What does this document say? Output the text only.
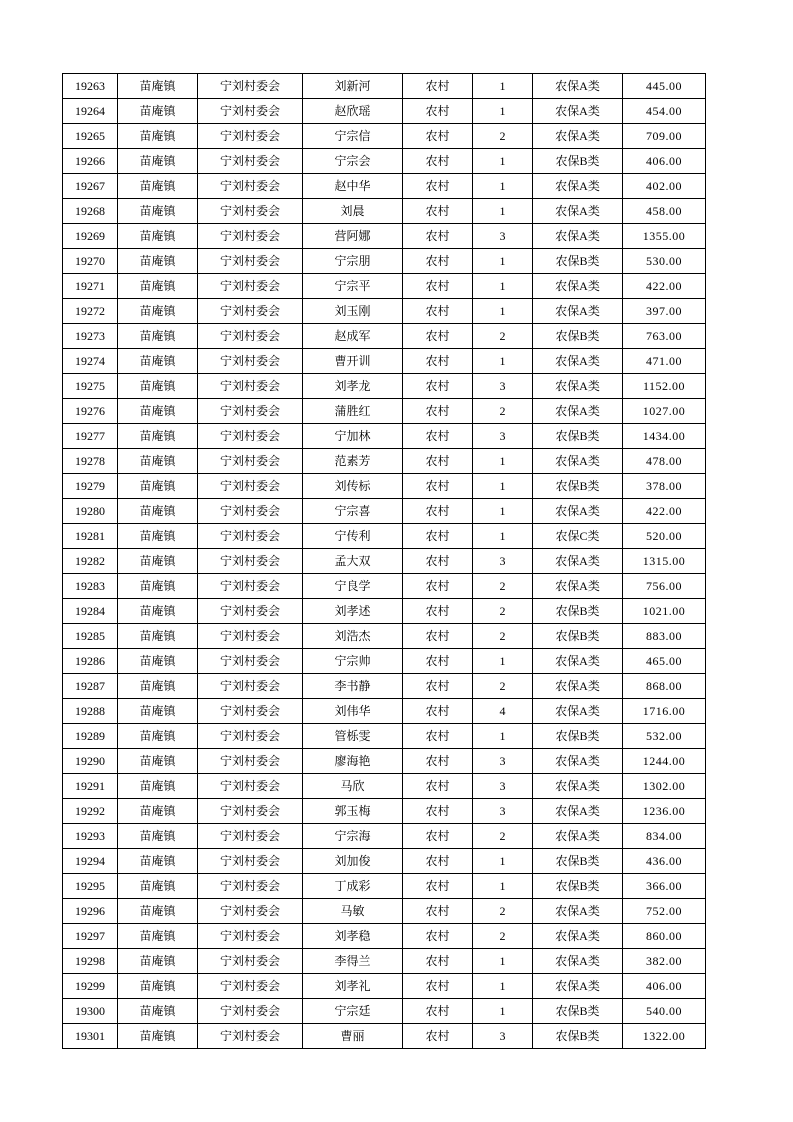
19263	苗庵镇	宁刘村委会	刘新河	农村	1	农保A类	445.00
19264	苗庵镇	宁刘村委会	赵欣瑶	农村	1	农保A类	454.00
19265	苗庵镇	宁刘村委会	宁宗信	农村	2	农保A类	709.00
19266	苗庵镇	宁刘村委会	宁宗会	农村	1	农保B类	406.00
19267	苗庵镇	宁刘村委会	赵中华	农村	1	农保A类	402.00
19268	苗庵镇	宁刘村委会	刘晨	农村	1	农保A类	458.00
19269	苗庵镇	宁刘村委会	营阿娜	农村	3	农保A类	1355.00
19270	苗庵镇	宁刘村委会	宁宗朋	农村	1	农保B类	530.00
19271	苗庵镇	宁刘村委会	宁宗平	农村	1	农保A类	422.00
19272	苗庵镇	宁刘村委会	刘玉刚	农村	1	农保A类	397.00
19273	苗庵镇	宁刘村委会	赵成军	农村	2	农保B类	763.00
19274	苗庵镇	宁刘村委会	曹开训	农村	1	农保A类	471.00
19275	苗庵镇	宁刘村委会	刘孝龙	农村	3	农保A类	1152.00
19276	苗庵镇	宁刘村委会	蒲胜红	农村	2	农保A类	1027.00
19277	苗庵镇	宁刘村委会	宁加林	农村	3	农保B类	1434.00
19278	苗庵镇	宁刘村委会	范素芳	农村	1	农保A类	478.00
19279	苗庵镇	宁刘村委会	刘传标	农村	1	农保B类	378.00
19280	苗庵镇	宁刘村委会	宁宗喜	农村	1	农保A类	422.00
19281	苗庵镇	宁刘村委会	宁传利	农村	1	农保C类	520.00
19282	苗庵镇	宁刘村委会	孟大双	农村	3	农保A类	1315.00
19283	苗庵镇	宁刘村委会	宁良学	农村	2	农保A类	756.00
19284	苗庵镇	宁刘村委会	刘孝述	农村	2	农保B类	1021.00
19285	苗庵镇	宁刘村委会	刘浩杰	农村	2	农保B类	883.00
19286	苗庵镇	宁刘村委会	宁宗帅	农村	1	农保A类	465.00
19287	苗庵镇	宁刘村委会	李书静	农村	2	农保A类	868.00
19288	苗庵镇	宁刘村委会	刘伟华	农村	4	农保A类	1716.00
19289	苗庵镇	宁刘村委会	管栎雯	农村	1	农保B类	532.00
19290	苗庵镇	宁刘村委会	廖海艳	农村	3	农保A类	1244.00
19291	苗庵镇	宁刘村委会	马欣	农村	3	农保A类	1302.00
19292	苗庵镇	宁刘村委会	郭玉梅	农村	3	农保A类	1236.00
19293	苗庵镇	宁刘村委会	宁宗海	农村	2	农保A类	834.00
19294	苗庵镇	宁刘村委会	刘加俊	农村	1	农保B类	436.00
19295	苗庵镇	宁刘村委会	丁成彩	农村	1	农保B类	366.00
19296	苗庵镇	宁刘村委会	马敏	农村	2	农保A类	752.00
19297	苗庵镇	宁刘村委会	刘孝稳	农村	2	农保A类	860.00
19298	苗庵镇	宁刘村委会	李得兰	农村	1	农保A类	382.00
19299	苗庵镇	宁刘村委会	刘孝礼	农村	1	农保A类	406.00
19300	苗庵镇	宁刘村委会	宁宗廷	农村	1	农保B类	540.00
19301	苗庵镇	宁刘村委会	曹丽	农村	3	农保B类	1322.00
